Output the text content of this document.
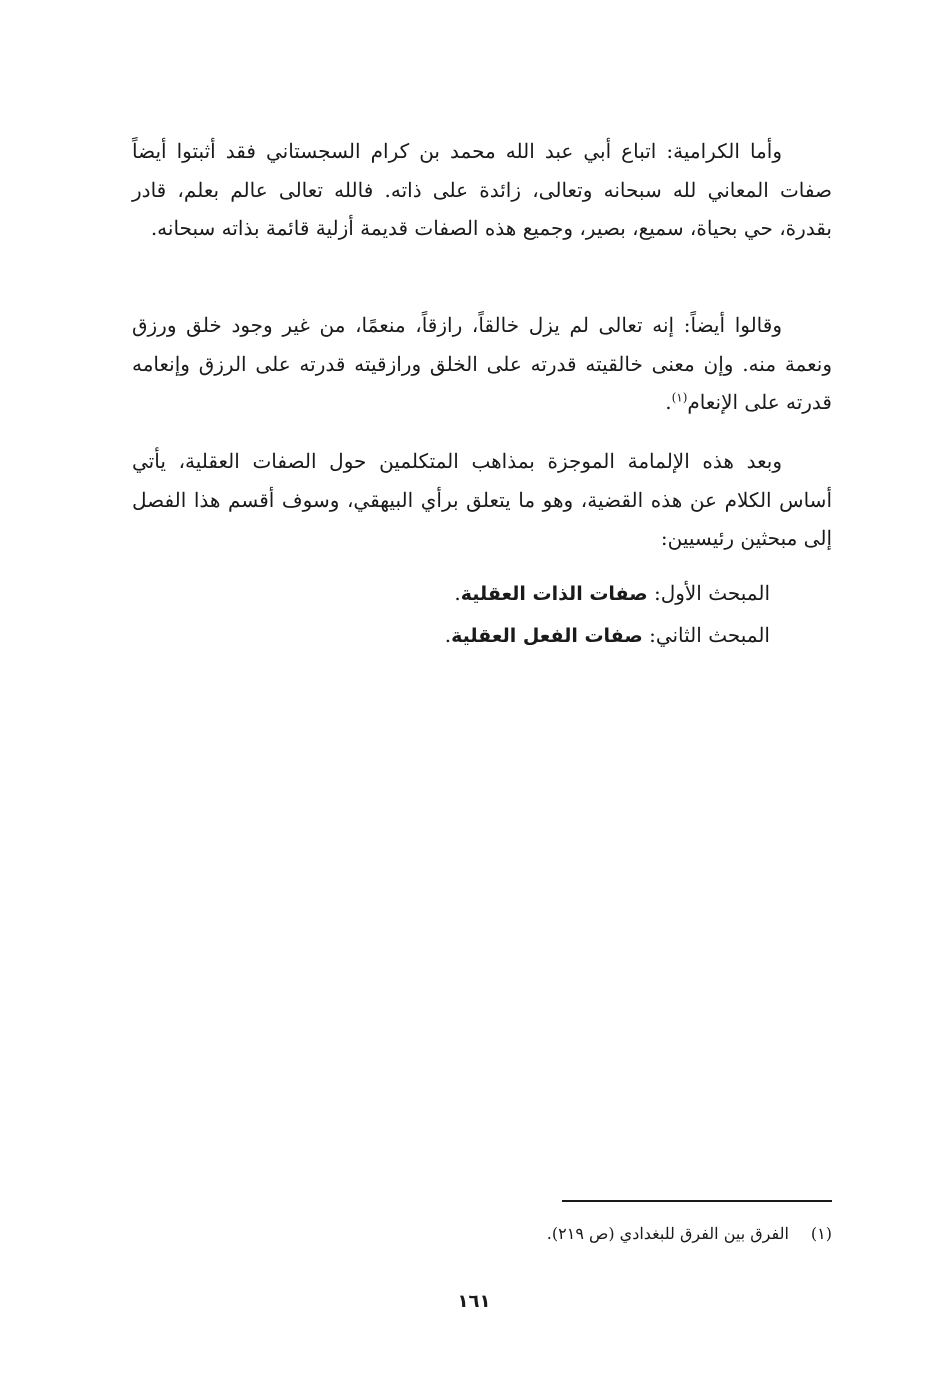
وأما الكرامية: اتباع أبي عبد الله محمد بن كرام السجستاني فقد أثبتوا أيضاً صفات المعاني لله سبحانه وتعالى، زائدة على ذاته. فالله تعالى عالم بعلم، قادر بقدرة، حي بحياة، سميع، بصير، وجميع هذه الصفات قديمة أزلية قائمة بذاته سبحانه.

وقالوا أيضاً: إنه تعالى لم يزل خالقاً، رازقاً، منعمًا، من غير وجود خلق ورزق ونعمة منه. وإن معنى خالقيته قدرته على الخلق ورازقيته قدرته على الرزق وإنعامه قدرته على الإنعام$^{(١)}$.

وبعد هذه الإلمامة الموجزة بمذاهب المتكلمين حول الصفات العقلية، يأتي أساس الكلام عن هذه القضية، وهو ما يتعلق برأي البيهقي، وسوف أقسم هذا الفصل إلى مبحثين رئيسيين:

المبحث الأول: صفات الذات العقلية.
المبحث الثاني: صفات الفعل العقلية.
(١)الفرق بين الفرق للبغدادي (ص ٢١٩).
١٦١
